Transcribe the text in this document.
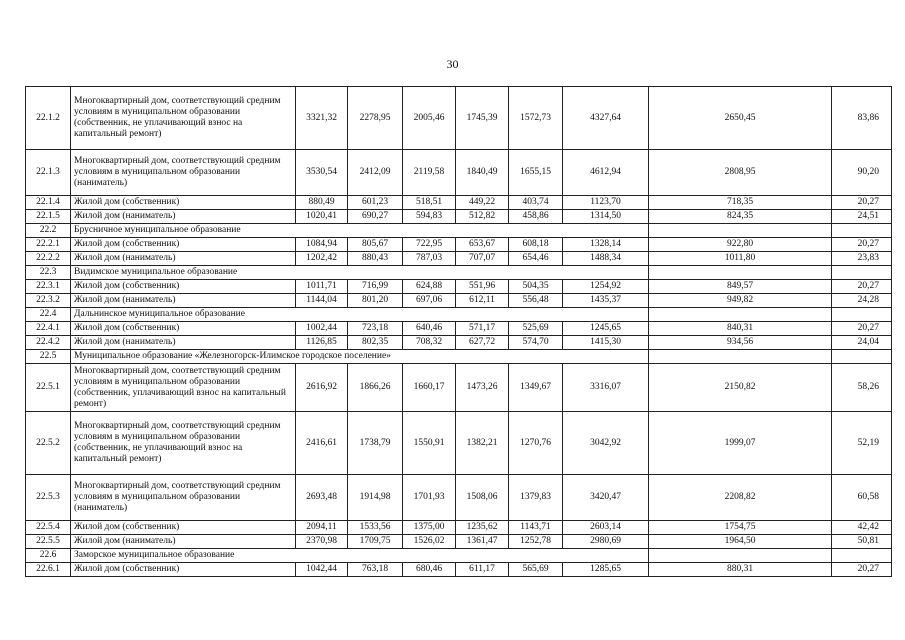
30
22.1.2	Многоквартирный дом, соответствующий средним условиям в муниципальном образовании (собственник, не уплачивающий взнос на капитальный ремонт)	3321,32	2278,95	2005,46	1745,39	1572,73	4327,64	2650,45	83,86
22.1.3	Многоквартирный дом, соответствующий средним условиям в муниципальном образовании (наниматель)	3530,54	2412,09	2119,58	1840,49	1655,15	4612,94	2808,95	90,20
22.1.4	Жилой дом (собственник)	880,49	601,23	518,51	449,22	403,74	1123,70	718,35	20,27
22.1.5	Жилой дом (наниматель)	1020,41	690,27	594,83	512,82	458,86	1314,50	824,35	24,51
22.2	Брусничное муниципальное образование								
22.2.1	Жилой дом (собственник)	1084,94	805,67	722,95	653,67	608,18	1328,14	922,80	20,27
22.2.2	Жилой дом (наниматель)	1202,42	880,43	787,03	707,07	654,46	1488,34	1011,80	23,83
22.3	Видимское муниципальное образование								
22.3.1	Жилой дом (собственник)	1011,71	716,99	624,88	551,96	504,35	1254,92	849,57	20,27
22.3.2	Жилой дом (наниматель)	1144,04	801,20	697,06	612,11	556,48	1435,37	949,82	24,28
22.4	Дальнинское муниципальное образование								
22.4.1	Жилой дом (собственник)	1002,44	723,18	640,46	571,17	525,69	1245,65	840,31	20,27
22.4.2	Жилой дом (наниматель)	1126,85	802,35	708,32	627,72	574,70	1415,30	934,56	24,04
22.5	Муниципальное образование «Железногорск-Илимское городское поселение»								
22.5.1	Многоквартирный дом, соответствующий средним условиям в муниципальном образовании (собственник, уплачивающий взнос на капитальный ремонт)	2616,92	1866,26	1660,17	1473,26	1349,67	3316,07	2150,82	58,26
22.5.2	Многоквартирный дом, соответствующий средним условиям в муниципальном образовании (собственник, не уплачивающий взнос на капитальный ремонт)	2416,61	1738,79	1550,91	1382,21	1270,76	3042,92	1999,07	52,19
22.5.3	Многоквартирный дом, соответствующий средним условиям в муниципальном образовании (наниматель)	2693,48	1914,98	1701,93	1508,06	1379,83	3420,47	2208,82	60,58
22.5.4	Жилой дом (собственник)	2094,11	1533,56	1375,00	1235,62	1143,71	2603,14	1754,75	42,42
22.5.5	Жилой дом (наниматель)	2370,98	1709,75	1526,02	1361,47	1252,78	2980,69	1964,50	50,81
22.6	Заморское муниципальное образование								
22.6.1	Жилой дом (собственник)	1042,44	763,18	680,46	611,17	565,69	1285,65	880,31	20,27
